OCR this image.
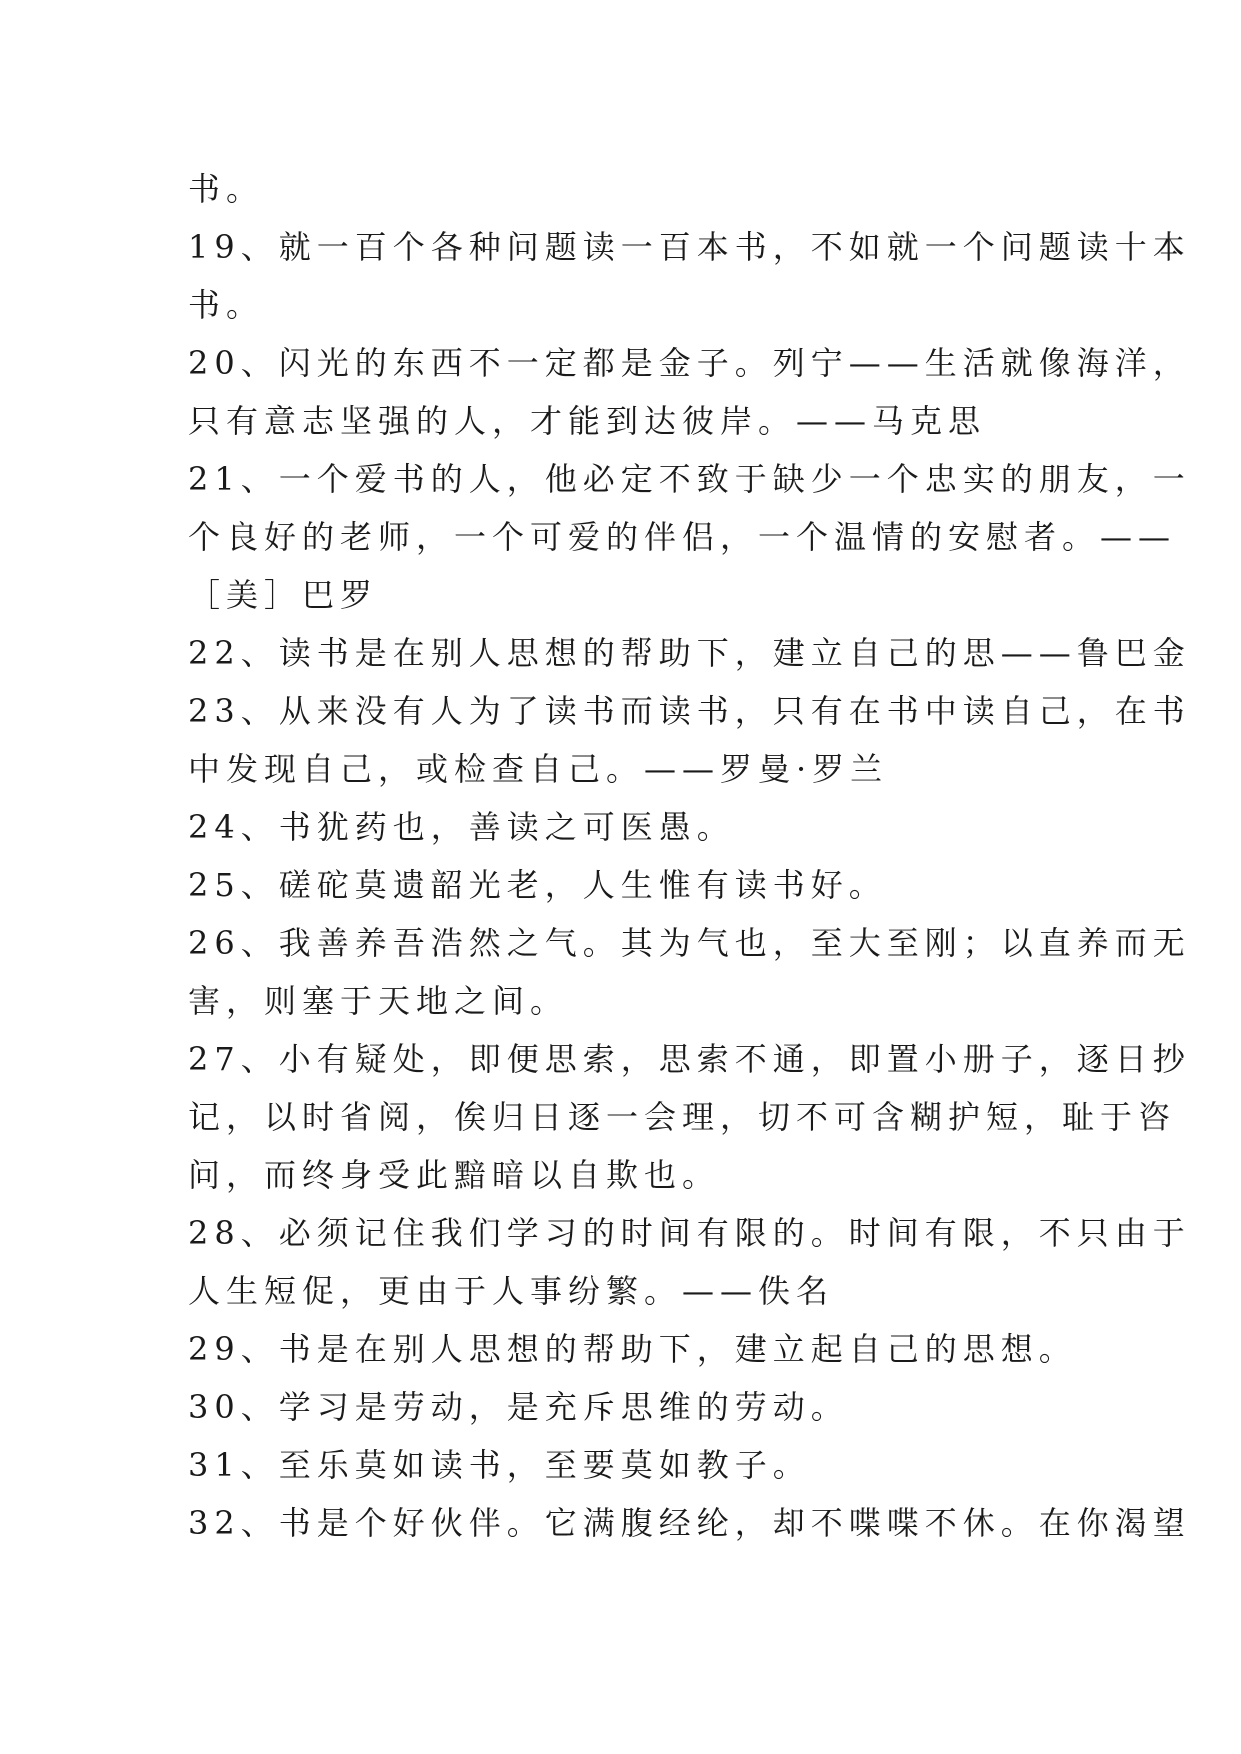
书。
19、就一百个各种问题读一百本书，不如就一个问题读十本
书。
20、闪光的东西不一定都是金子。列宁——生活就像海洋，
只有意志坚强的人，才能到达彼岸。——马克思
21、一个爱书的人，他必定不致于缺少一个忠实的朋友，一
个良好的老师，一个可爱的伴侣，一个温情的安慰者。——
［美］巴罗
22、读书是在别人思想的帮助下，建立自己的思——鲁巴金
23、从来没有人为了读书而读书，只有在书中读自己，在书
中发现自己，或检查自己。——罗曼·罗兰
24、书犹药也，善读之可医愚。
25、磋砣莫遗韶光老，人生惟有读书好。
26、我善养吾浩然之气。其为气也，至大至刚；以直养而无
害，则塞于天地之间。
27、小有疑处，即便思索，思索不通，即置小册子，逐日抄
记，以时省阅，俟归日逐一会理，切不可含糊护短，耻于咨
问，而终身受此黯暗以自欺也。
28、必须记住我们学习的时间有限的。时间有限，不只由于
人生短促，更由于人事纷繁。——佚名
29、书是在别人思想的帮助下，建立起自己的思想。
30、学习是劳动，是充斥思维的劳动。
31、至乐莫如读书，至要莫如教子。
32、书是个好伙伴。它满腹经纶，却不喋喋不休。在你渴望
